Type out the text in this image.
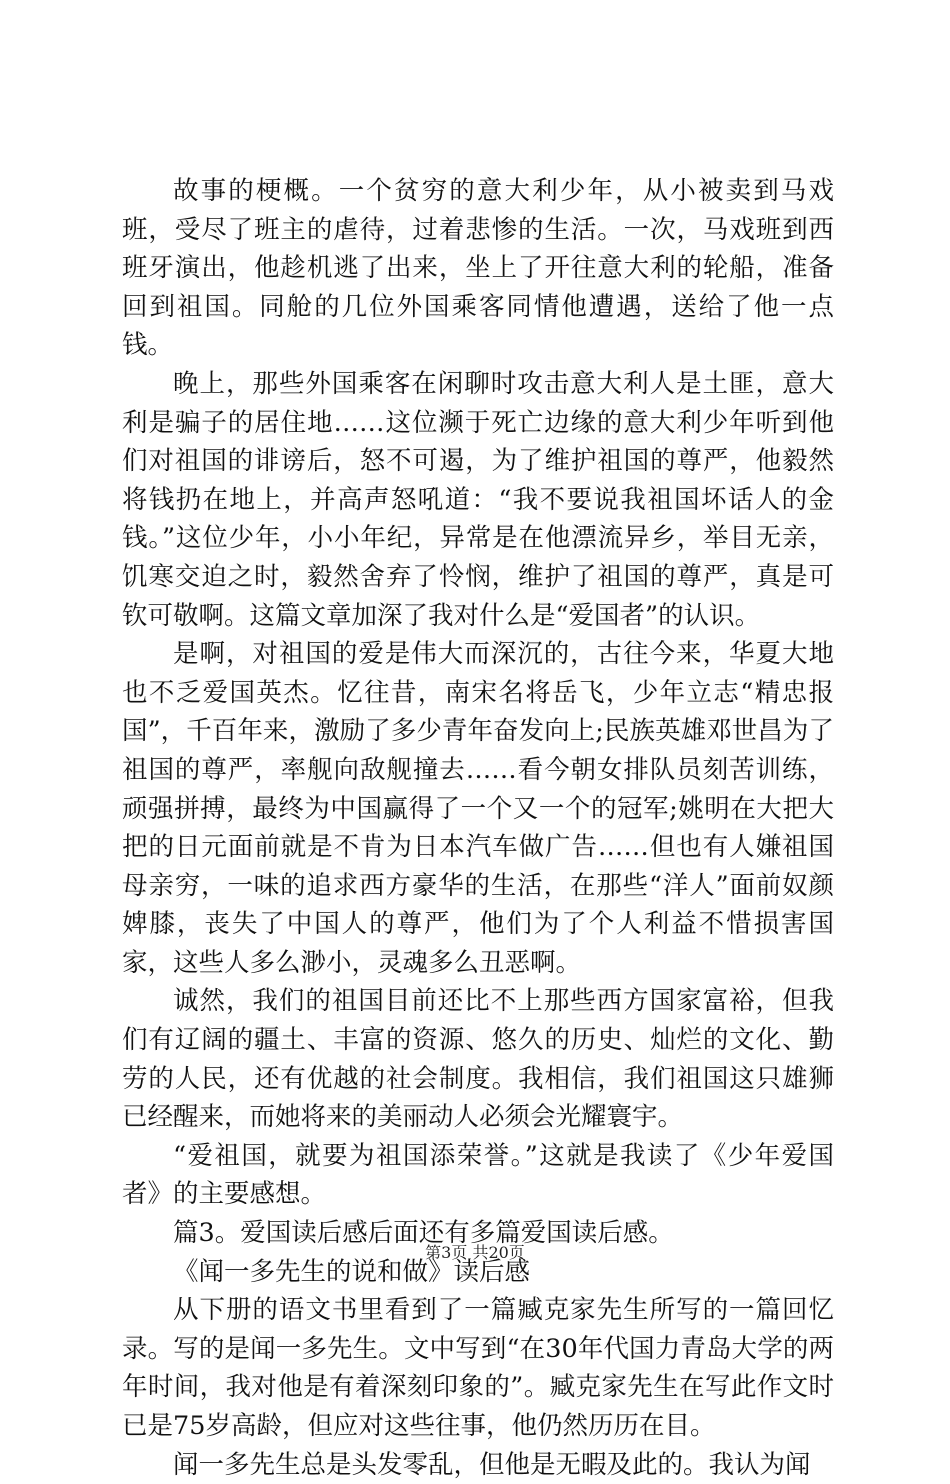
故事的梗概。一个贫穷的意大利少年，从小被卖到马戏班，受尽了班主的虐待，过着悲惨的生活。一次，马戏班到西班牙演出，他趁机逃了出来，坐上了开往意大利的轮船，准备回到祖国。同舱的几位外国乘客同情他遭遇，送给了他一点钱。

晚上，那些外国乘客在闲聊时攻击意大利人是土匪，意大利是骗子的居住地……这位濒于死亡边缘的意大利少年听到他们对祖国的诽谤后，怒不可遏，为了维护祖国的尊严，他毅然将钱扔在地上，并高声怒吼道：“我不要说我祖国坏话人的金钱。”这位少年，小小年纪，异常是在他漂流异乡，举目无亲，饥寒交迫之时，毅然舍弃了怜悯，维护了祖国的尊严，真是可钦可敬啊。这篇文章加深了我对什么是“爱国者”的认识。

是啊，对祖国的爱是伟大而深沉的，古往今来，华夏大地也不乏爱国英杰。忆往昔，南宋名将岳飞，少年立志“精忠报国”，千百年来，激励了多少青年奋发向上;民族英雄邓世昌为了祖国的尊严，率舰向敌舰撞去……看今朝女排队员刻苦训练，顽强拼搏，最终为中国赢得了一个又一个的冠军;姚明在大把大把的日元面前就是不肯为日本汽车做广告……但也有人嫌祖国母亲穷，一味的追求西方豪华的生活，在那些“洋人”面前奴颜婢膝，丧失了中国人的尊严，他们为了个人利益不惜损害国家，这些人多么渺小，灵魂多么丑恶啊。

诚然，我们的祖国目前还比不上那些西方国家富裕，但我们有辽阔的疆土、丰富的资源、悠久的历史、灿烂的文化、勤劳的人民，还有优越的社会制度。我相信，我们祖国这只雄狮已经醒来，而她将来的美丽动人必须会光耀寰宇。

“爱祖国，就要为祖国添荣誉。”这就是我读了《少年爱国者》的主要感想。

篇3。爱国读后感后面还有多篇爱国读后感。

《闻一多先生的说和做》读后感

从下册的语文书里看到了一篇臧克家先生所写的一篇回忆录。写的是闻一多先生。文中写到“在30年代国力青岛大学的两年时间，我对他是有着深刻印象的”。臧克家先生在写此作文时已是75岁高龄，但应对这些往事，他仍然历历在目。

闻一多先生总是头发零乱，但他是无暇及此的。我认为闻

第3页 共20页
